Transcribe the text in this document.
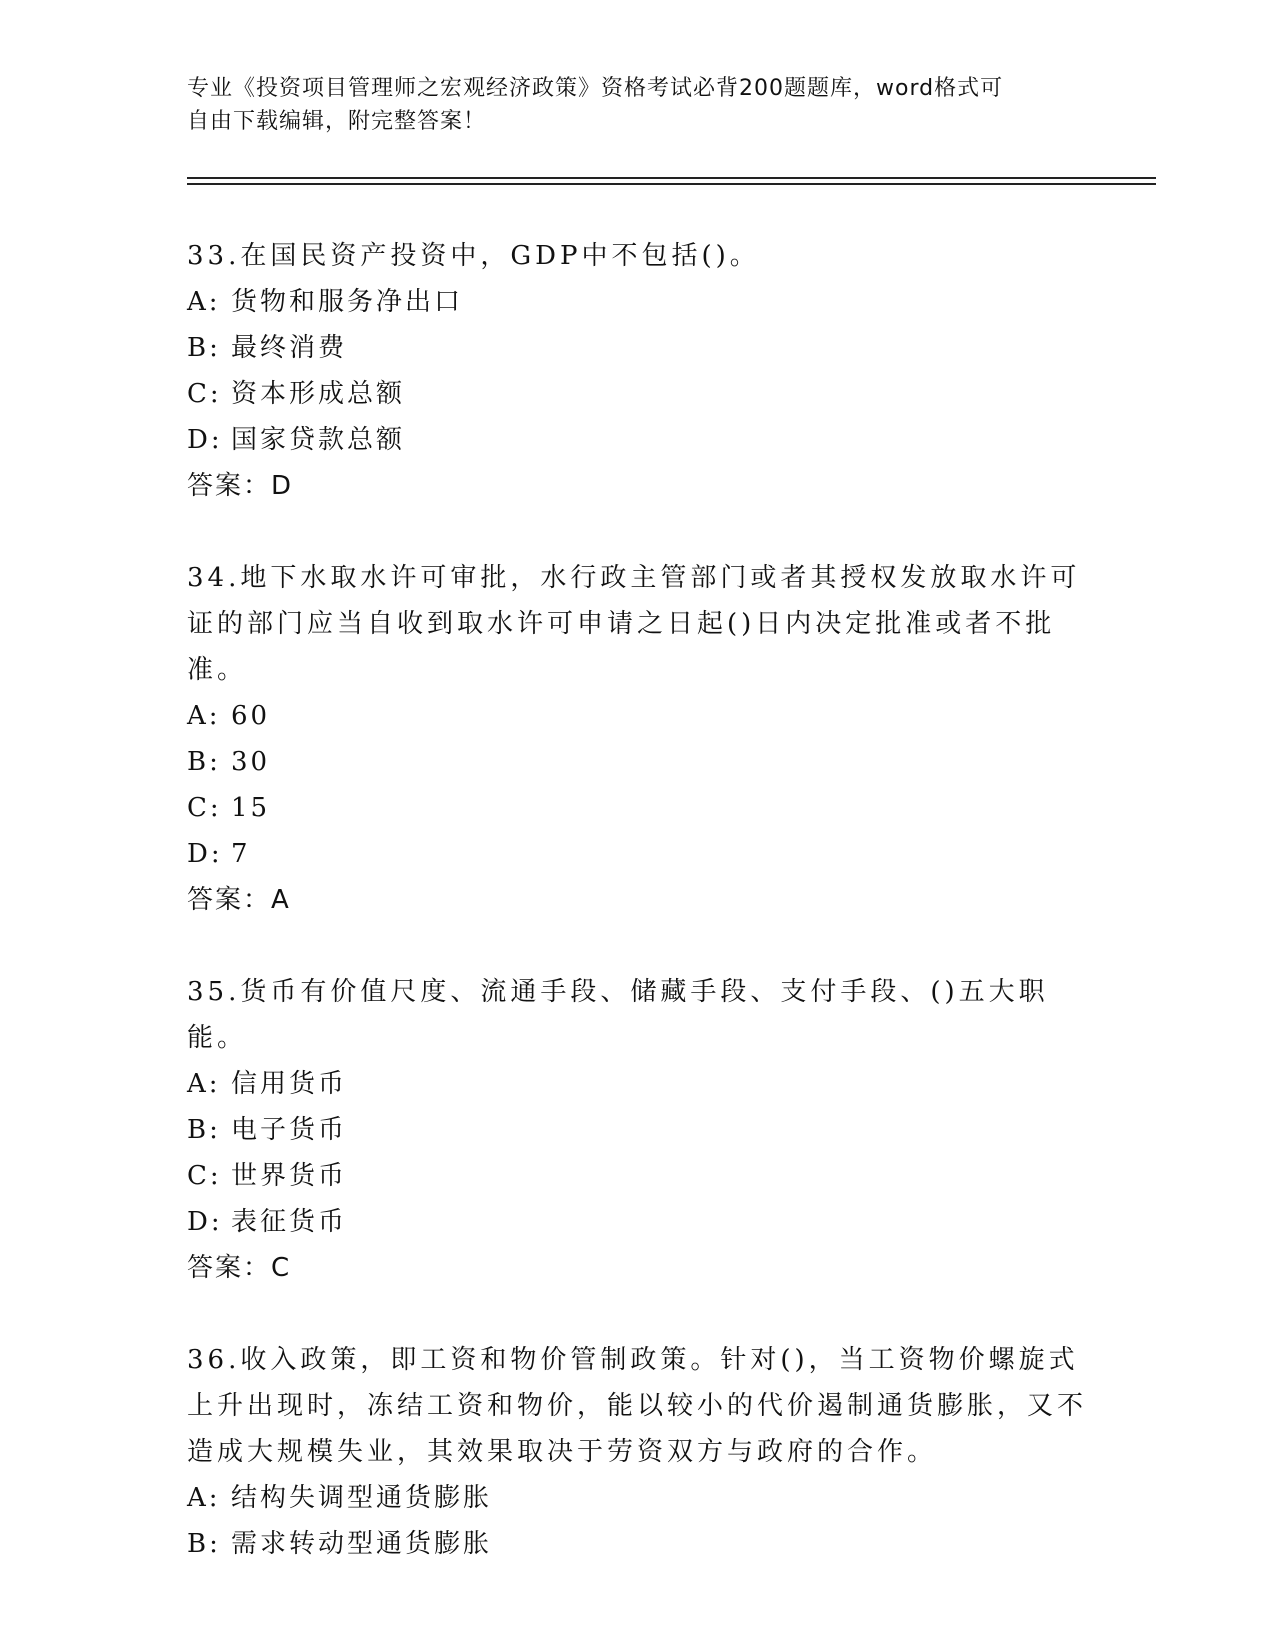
专业《投资项目管理师之宏观经济政策》资格考试必背200题题库，word格式可
自由下载编辑，附完整答案！

33.在国民资产投资中，GDP中不包括()。

A: 货物和服务净出口

B: 最终消费

C: 资本形成总额

D: 国家贷款总额

答案：D

34.地下水取水许可审批，水行政主管部门或者其授权发放取水许可证的部门应当自收到取水许可申请之日起()日内决定批准或者不批准。

A: 60

B: 30

C: 15

D: 7

答案：A

35.货币有价值尺度、流通手段、储藏手段、支付手段、()五大职能。

A: 信用货币

B: 电子货币

C: 世界货币

D: 表征货币

答案：C

36.收入政策，即工资和物价管制政策。针对()，当工资物价螺旋式上升出现时，冻结工资和物价，能以较小的代价遏制通货膨胀，又不造成大规模失业，其效果取决于劳资双方与政府的合作。

A: 结构失调型通货膨胀

B: 需求转动型通货膨胀
